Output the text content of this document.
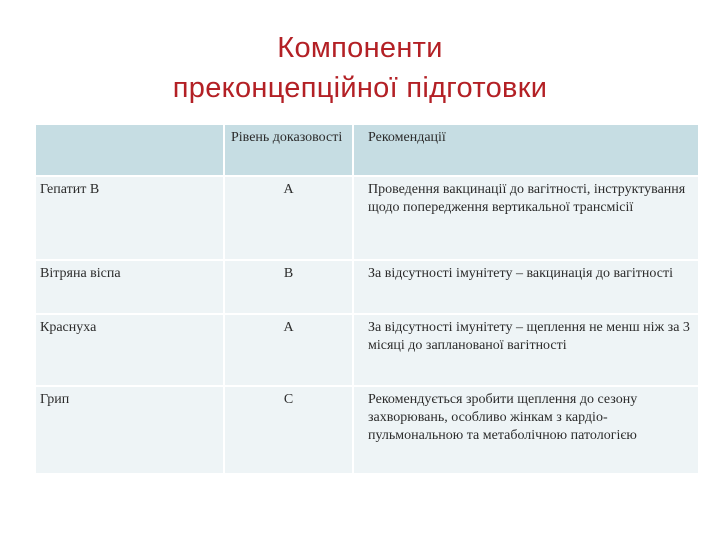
Компоненти
преконцепційної підготовки
	Рівень доказовості	Рекомендації
Гепатит В	A	Проведення вакцинації до вагітності, інструктування щодо попередження вертикальної трансмісії
Вітряна віспа	B	За відсутності імунітету – вакцинація до вагітності
Краснуха	A	За відсутності імунітету – щеплення не менш ніж за 3 місяці до запланованої вагітності
Грип	C	Рекомендується зробити щеплення до сезону захворювань, особливо жінкам з кардіо-пульмональною та метаболічною патологією
